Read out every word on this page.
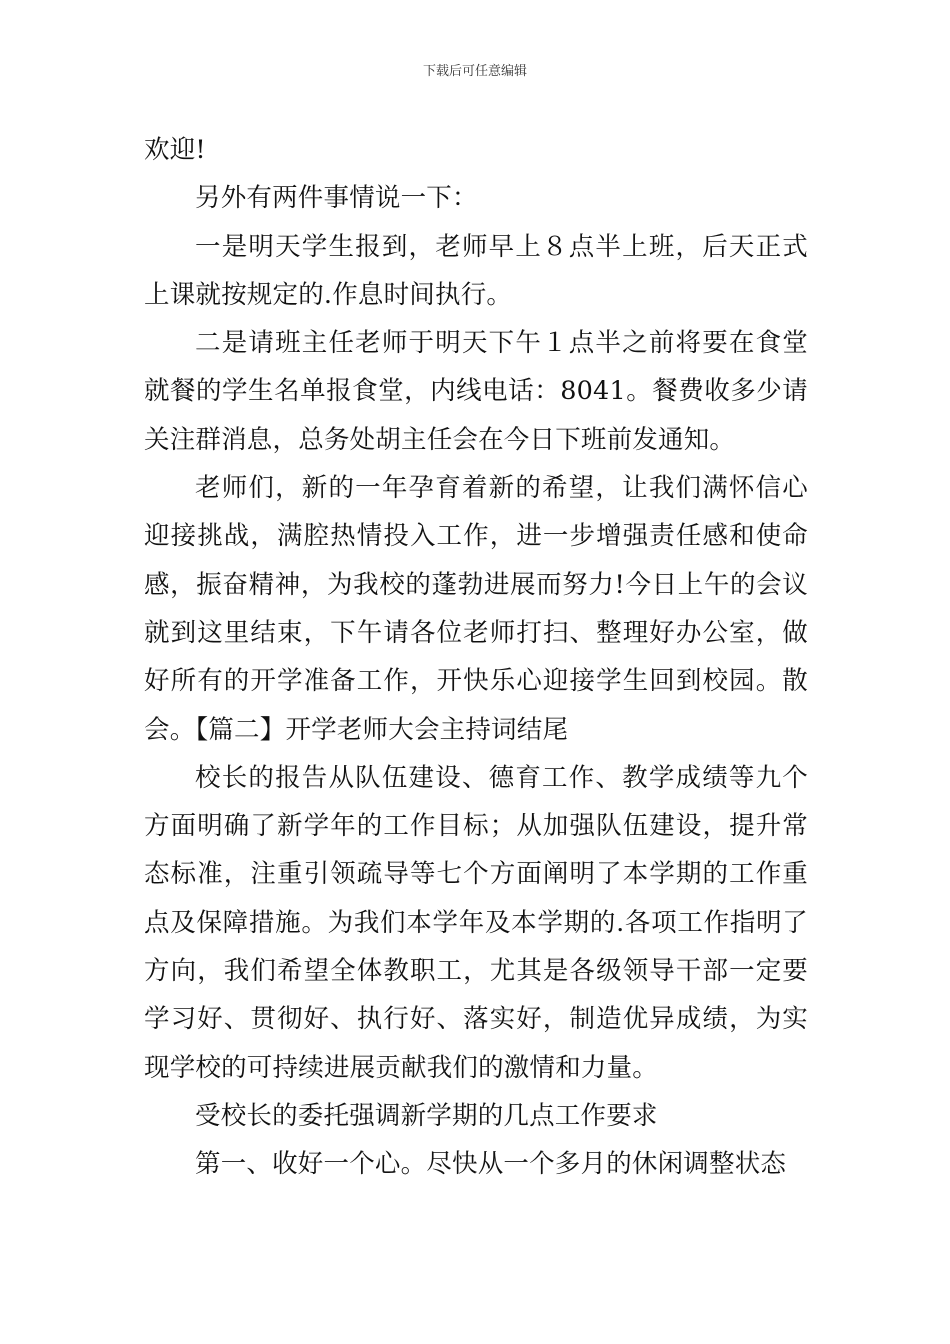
下载后可任意编辑

欢迎!

另外有两件事情说一下：

一是明天学生报到，老师早上８点半上班，后天正式上课就按规定的.作息时间执行。

二是请班主任老师于明天下午１点半之前将要在食堂就餐的学生名单报食堂，内线电话：8041。餐费收多少请关注群消息，总务处胡主任会在今日下班前发通知。

老师们，新的一年孕育着新的希望，让我们满怀信心迎接挑战，满腔热情投入工作，进一步增强责任感和使命感，振奋精神，为我校的蓬勃进展而努力!今日上午的会议就到这里结束，下午请各位老师打扫、整理好办公室，做好所有的开学准备工作，开快乐心迎接学生回到校园。散会。【篇二】开学老师大会主持词结尾

校长的报告从队伍建设、德育工作、教学成绩等九个方面明确了新学年的工作目标；从加强队伍建设，提升常态标准，注重引领疏导等七个方面阐明了本学期的工作重点及保障措施。为我们本学年及本学期的.各项工作指明了方向，我们希望全体教职工，尤其是各级领导干部一定要学习好、贯彻好、执行好、落实好，制造优异成绩，为实现学校的可持续进展贡献我们的激情和力量。

受校长的委托强调新学期的几点工作要求

第一、收好一个心。尽快从一个多月的休闲调整状态
